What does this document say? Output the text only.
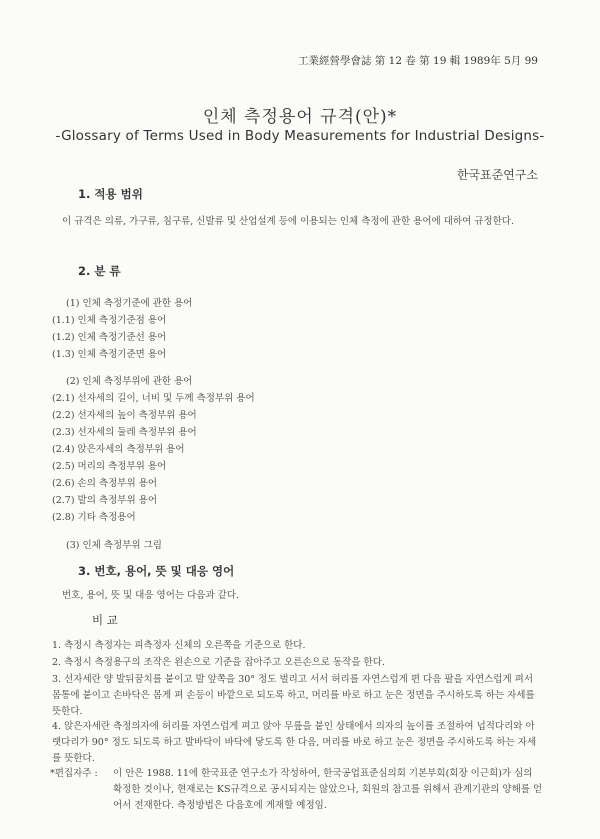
工業經營學會誌 第 12 卷 第 19 輯 1989年 5月 99
인체 측정용어 규격(안)*
-Glossary of Terms Used in Body Measurements for Industrial Designs-
한국표준연구소
1. 적용 범위
이 규격은 의류, 가구류, 침구류, 신발류 및 산업설계 등에 이용되는 인체 측정에 관한 용어에 대하여 규정한다.
2. 분 류
(1) 인체 측정기준에 관한 용어
(1.1) 인체 측정기준점 용어
(1.2) 인체 측정기준선 용어
(1.3) 인체 측정기준면 용어
(2) 인체 측정부위에 관한 용어
(2.1) 선자세의 길이, 너비 및 두께 측정부위 용어
(2.2) 선자세의 높이 측정부위 용어
(2.3) 선자세의 둘레 측정부위 용어
(2.4) 앉은자세의 측정부위 용어
(2.5) 머리의 측정부위 용어
(2.6) 손의 측정부위 용어
(2.7) 발의 측정부위 용어
(2.8) 기타 측정용어
(3) 인체 측정부위 그림
3. 번호, 용어, 뜻 및 대응 영어
번호, 용어, 뜻 및 대응 영어는 다음과 같다.
비 교
1. 측정시 측정자는 피측정자 신체의 오른쪽을 기준으로 한다.
2. 측정시 측정용구의 조작은 왼손으로 기준을 잡아주고 오른손으로 동작을 한다.
3. 선자세란 양 발뒤꿈치를 붙이고 발 앞쪽을 30° 정도 벌리고 서서 허리를 자연스럽게 편 다음 팔을 자연스럽게 펴서 몸통에 붙이고 손바닥은 몸게 펴 손등이 바깥으로 되도록 하고, 머리를 바로 하고 눈은 정면을 주시하도록 하는 자세를 뜻한다.
4. 앉은자세란 측정의자에 허리를 자연스럽게 펴고 앉아 무릎을 붙인 상태에서 의자의 높이를 조절하여 넙적다리와 아랫다리가 90° 정도 되도록 하고 발바닥이 바닥에 닿도록 한 다음, 머리를 바로 하고 눈은 정면을 주시하도록 하는 자세를 뜻한다.
*편집자주 : 이 안은 1988. 11에 한국표준 연구소가 작성하여, 한국공업표준심의회 기본부회(회장 이근희)가 심의 확정한 것이나, 현재로는 KS규격으로 공시되지는 않았으나, 회원의 참고를 위해서 관계기관의 양해를 얻어서 전재한다. 측정방법은 다음호에 게재할 예정임.
